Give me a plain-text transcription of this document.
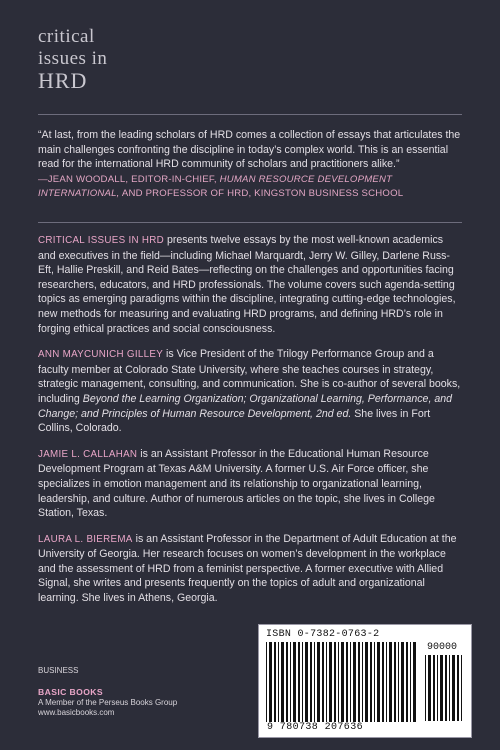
critical
issues in
HRD
“At last, from the leading scholars of HRD comes a collection of essays that articulates the main challenges confronting the discipline in today’s complex world. This is an essential read for the international HRD community of scholars and practitioners alike.”
—JEAN WOODALL, EDITOR-IN-CHIEF, HUMAN RESOURCE DEVELOPMENT INTERNATIONAL, AND PROFESSOR OF HRD, KINGSTON BUSINESS SCHOOL

CRITICAL ISSUES IN HRD presents twelve essays by the most well-known academics and executives in the field—including Michael Marquardt, Jerry W. Gilley, Darlene Russ-Eft, Hallie Preskill, and Reid Bates—reflecting on the challenges and opportunities facing researchers, educators, and HRD professionals. The volume covers such agenda-setting topics as emerging paradigms within the discipline, integrating cutting-edge technologies, new methods for measuring and evaluating HRD programs, and defining HRD’s role in forging ethical practices and social consciousness.

ANN MAYCUNICH GILLEY is Vice President of the Trilogy Performance Group and a faculty member at Colorado State University, where she teaches courses in strategy, strategic management, consulting, and communication. She is co-author of several books, including Beyond the Learning Organization; Organizational Learning, Performance, and Change; and Principles of Human Resource Development, 2nd ed. She lives in Fort Collins, Colorado.

JAMIE L. CALLAHAN is an Assistant Professor in the Educational Human Resource Development Program at Texas A&M University. A former U.S. Air Force officer, she specializes in emotion management and its relationship to organizational learning, leadership, and culture. Author of numerous articles on the topic, she lives in College Station, Texas.

LAURA L. BIEREMA is an Assistant Professor in the Department of Adult Education at the University of Georgia. Her research focuses on women’s development in the workplace and the assessment of HRD from a feminist perspective. A former executive with Allied Signal, she writes and presents frequently on the topics of adult and organizational learning. She lives in Athens, Georgia.

BUSINESS
BASIC BOOKS
A Member of the Perseus Books Group
www.basicbooks.com
ISBN 0-7382-0763-2
90000
9 780738 207636
